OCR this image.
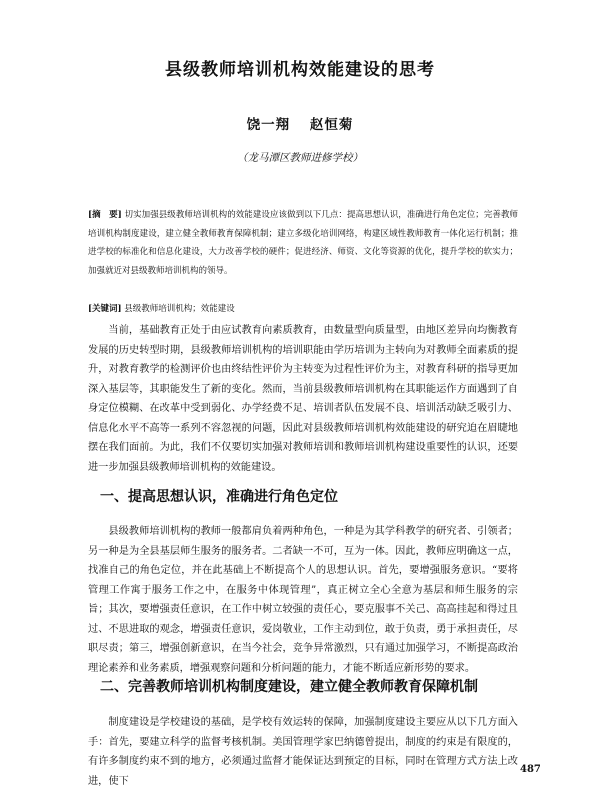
县级教师培训机构效能建设的思考
饶一翔 赵恒菊
（龙马潭区教师进修学校）
[摘　要] 切实加强县级教师培训机构的效能建设应该做到以下几点：提高思想认识，准确进行角色定位；完善教师培训机构制度建设，建立健全教师教育保障机制；建立多级化培训网络，构建区域性教师教育一体化运行机制；推进学校的标准化和信息化建设，大力改善学校的硬件；促进经济、师资、文化等资源的优化，提升学校的软实力；加强就近对县级教师培训机构的领导。
[关键词] 县级教师培训机构；效能建设
当前，基础教育正处于由应试教育向素质教育，由数量型向质量型，由地区差异向均衡教育发展的历史转型时期，县级教师培训机构的培训职能由学历培训为主转向为对教师全面素质的提升，对教育教学的检测评价也由终结性评价为主转变为过程性评价为主，对教育科研的指导更加深入基层等，其职能发生了新的变化。然而，当前县级教师培训机构在其职能运作方面遇到了自身定位模糊、在改革中受到弱化、办学经费不足、培训者队伍发展不良、培训活动缺乏吸引力、信息化水平不高等一系列不容忽视的问题，因此对县级教师培训机构效能建设的研究迫在眉睫地摆在我们面前。为此，我们不仅要切实加强对教师培训和教师培训机构建设重要性的认识，还要进一步加强县级教师培训机构的效能建设。
一、提高思想认识，准确进行角色定位
县级教师培训机构的教师一般都肩负着两种角色，一种是为其学科教学的研究者、引领者；另一种是为全县基层师生服务的服务者。二者缺一不可，互为一体。因此，教师应明确这一点，找准自己的角色定位，并在此基础上不断提高个人的思想认识。首先，要增强服务意识。“要将管理工作寓于服务工作之中，在服务中体现管理”，真正树立全心全意为基层和师生服务的宗旨；其次，要增强责任意识，在工作中树立较强的责任心，要克服事不关己、高高挂起和得过且过、不思进取的观念，增强责任意识，爱岗敬业，工作主动到位，敢于负责，勇于承担责任，尽职尽责；第三，增强创新意识，在当今社会，竞争异常激烈，只有通过加强学习，不断提高政治理论素养和业务素质，增强观察问题和分析问题的能力，才能不断适应新形势的要求。
二、完善教师培训机构制度建设，建立健全教师教育保障机制
制度建设是学校建设的基础，是学校有效运转的保障，加强制度建设主要应从以下几方面入手：首先，要建立科学的监督考核机制。美国管理学家巴纳德曾提出，制度的约束是有限度的，有许多制度约束不到的地方，必须通过监督才能保证达到预定的目标，同时在管理方式方法上改进，使下
487
